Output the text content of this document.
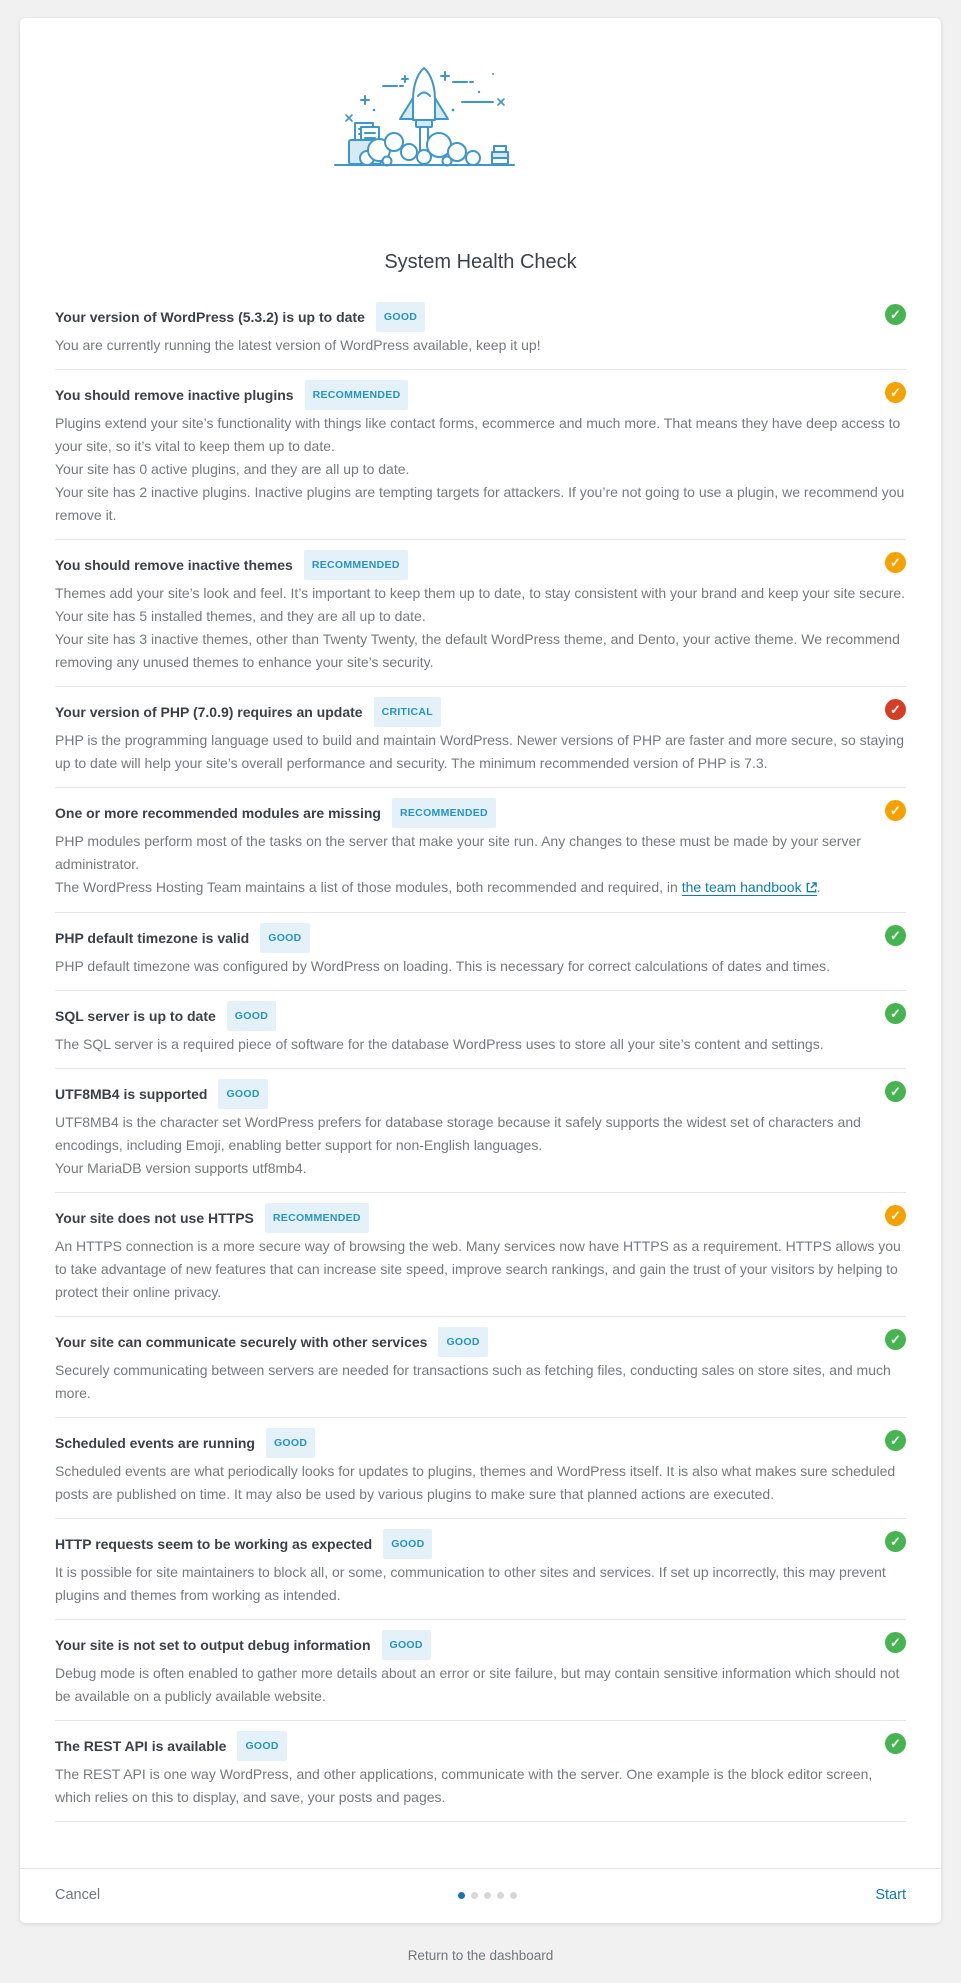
System Health Check
Your version of WordPress (5.3.2) is up to date	GOOD

You are currently running the latest version of WordPress available, keep it up!

✓
You should remove inactive plugins	RECOMMENDED

Plugins extend your site’s functionality with things like contact forms, ecommerce and much more. That means they have deep access to your site, so it’s vital to keep them up to date.

Your site has 0 active plugins, and they are all up to date.

Your site has 2 inactive plugins. Inactive plugins are tempting targets for attackers. If you’re not going to use a plugin, we recommend you remove it.

✓
You should remove inactive themes	RECOMMENDED

Themes add your site’s look and feel. It’s important to keep them up to date, to stay consistent with your brand and keep your site secure.

Your site has 5 installed themes, and they are all up to date.

Your site has 3 inactive themes, other than Twenty Twenty, the default WordPress theme, and Dento, your active theme. We recommend removing any unused themes to enhance your site’s security.

✓
Your version of PHP (7.0.9) requires an update	CRITICAL

PHP is the programming language used to build and maintain WordPress. Newer versions of PHP are faster and more secure, so staying up to date will help your site’s overall performance and security. The minimum recommended version of PHP is 7.3.

✓
One or more recommended modules are missing	RECOMMENDED

PHP modules perform most of the tasks on the server that make your site run. Any changes to these must be made by your server administrator.

The WordPress Hosting Team maintains a list of those modules, both recommended and required, in the team handbook .

✓
PHP default timezone is valid	GOOD

PHP default timezone was configured by WordPress on loading. This is necessary for correct calculations of dates and times.

✓
SQL server is up to date	GOOD

The SQL server is a required piece of software for the database WordPress uses to store all your site’s content and settings.

✓
UTF8MB4 is supported	GOOD

UTF8MB4 is the character set WordPress prefers for database storage because it safely supports the widest set of characters and encodings, including Emoji, enabling better support for non-English languages.

Your MariaDB version supports utf8mb4.

✓
Your site does not use HTTPS	RECOMMENDED

An HTTPS connection is a more secure way of browsing the web. Many services now have HTTPS as a requirement. HTTPS allows you to take advantage of new features that can increase site speed, improve search rankings, and gain the trust of your visitors by helping to protect their online privacy.

✓
Your site can communicate securely with other services	GOOD

Securely communicating between servers are needed for transactions such as fetching files, conducting sales on store sites, and much more.

✓
Scheduled events are running	GOOD

Scheduled events are what periodically looks for updates to plugins, themes and WordPress itself. It is also what makes sure scheduled posts are published on time. It may also be used by various plugins to make sure that planned actions are executed.

✓
HTTP requests seem to be working as expected	GOOD

It is possible for site maintainers to block all, or some, communication to other sites and services. If set up incorrectly, this may prevent plugins and themes from working as intended.

✓
Your site is not set to output debug information	GOOD

Debug mode is often enabled to gather more details about an error or site failure, but may contain sensitive information which should not be available on a publicly available website.

✓
The REST API is available	GOOD

The REST API is one way WordPress, and other applications, communicate with the server. One example is the block editor screen, which relies on this to display, and save, your posts and pages.

✓
Cancel	Start
Return to the dashboard
